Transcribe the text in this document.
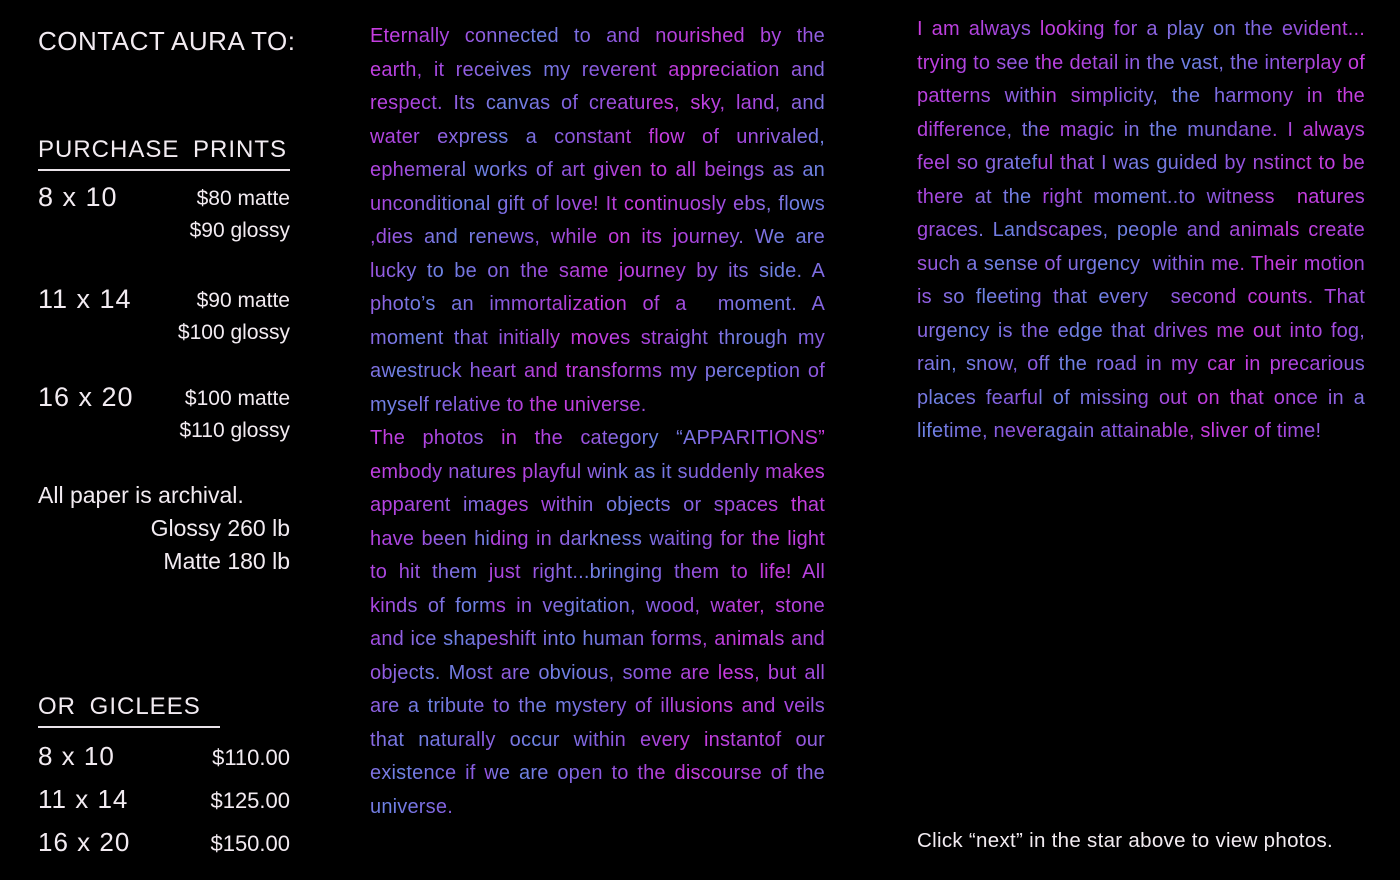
CONTACT AURA TO:
PURCHASE PRINTS
8 x 10	$80 matte
$90 glossy
11 x 14	$90 matte
$100 glossy
16 x 20 $100 matte
$110 glossy
All paper is archival.
Glossy 260 lb
Matte 180 lb
OR GICLEES
8 x 10	$110.00
11 x 14	$125.00
16 x 20	$150.00

Eternally connected to and nourished by the earth, it receives my reverent appreciation and respect. Its canvas of creatures, sky, land, and water express a constant flow of unrivaled, ephemeral works of art given to all beings as an unconditional gift of love! It continuosly ebs, flows ,dies and renews, while on its journey. We are lucky to be on the same journey by its side. A photo’s an immortalization of a  moment. A moment that initially moves straight through my awestruck heart and transforms my perception of myself relative to the universe.

The photos in the category “APPARITIONS” embody natures playful wink as it suddenly makes apparent images within objects or spaces that have been hiding in darkness waiting for the light to hit them just right...bringing them to life! All kinds of forms in vegitation, wood, water, stone and ice shapeshift into human forms, animals and objects. Most are obvious, some are less, but all are a tribute to the mystery of illusions and veils that naturally occur within every instantof our existence if we are open to the discourse of the universe.

I am always looking for a play on the evident... trying to see the detail in the vast, the interplay of patterns within simplicity, the harmony in the difference, the magic in the mundane. I always feel so grateful that I was guided by nstinct to be there at the right moment..to witness  natures graces. Landscapes, people and animals create such a sense of urgency  within me. Their motion is so fleeting that every  second counts. That urgency is the edge that drives me out into fog, rain, snow, off the road in my car in precarious places fearful of missing out on that once in a lifetime, neveragain attainable, sliver of time!

Click “next” in the star above to view photos.
